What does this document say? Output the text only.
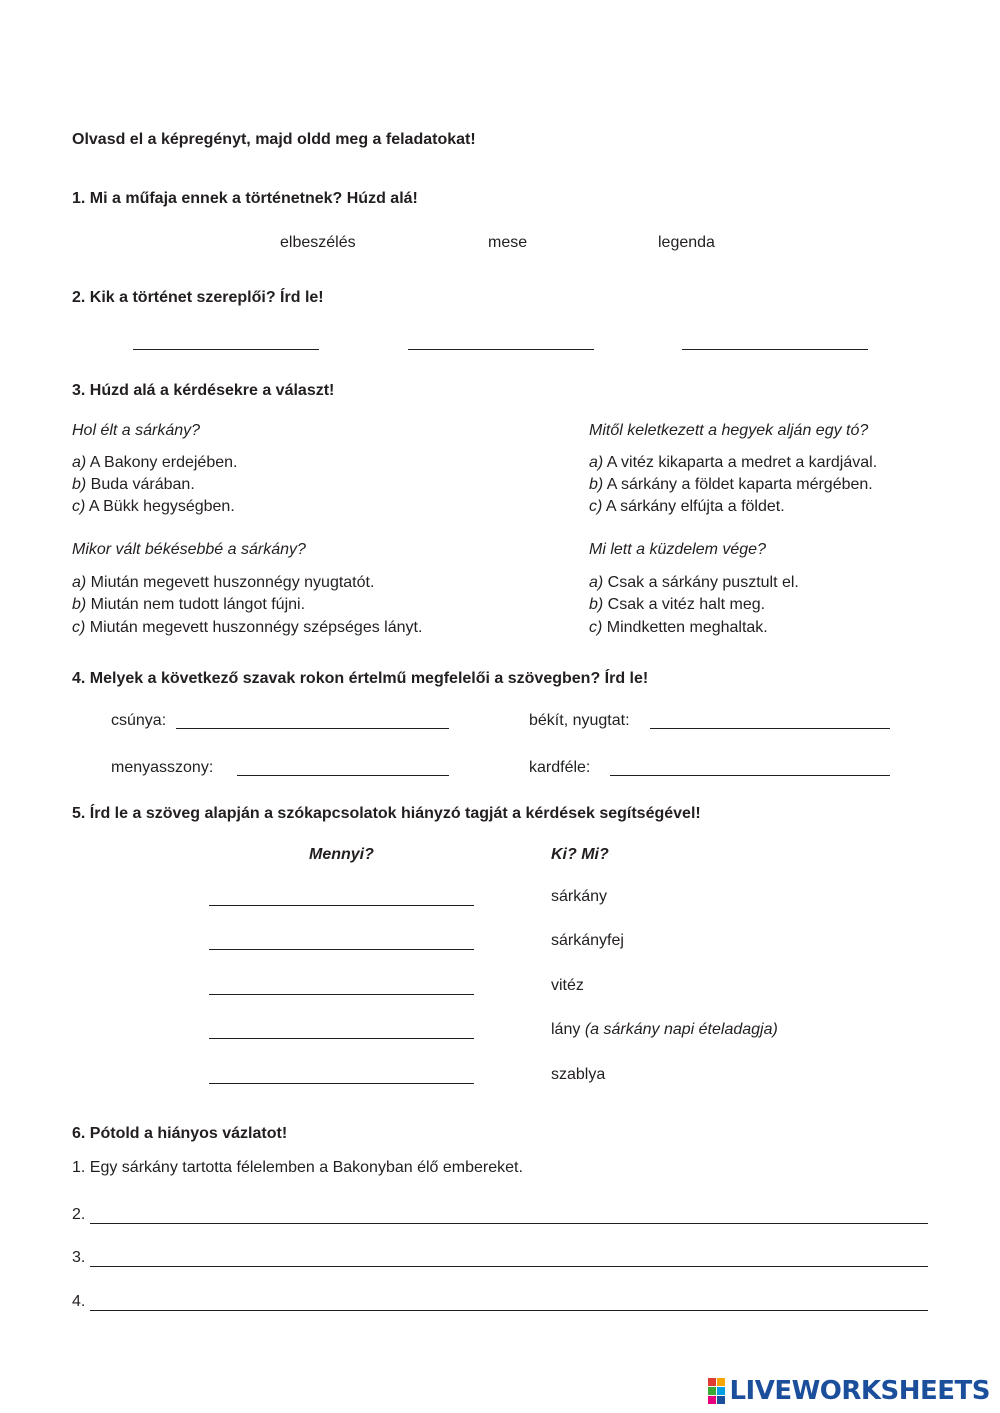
Olvasd el a képregényt, majd oldd meg a feladatokat!
1. Mi a műfaja ennek a történetnek? Húzd alá!
elbeszélés	mese	legenda
2. Kik a történet szereplői? Írd le!
3. Húzd alá a kérdésekre a választ!
Hol élt a sárkány?
a) A Bakony erdejében.
b) Buda várában.
c) A Bükk hegységben.
Mitől keletkezett a hegyek alján egy tó?
a) A vitéz kikaparta a medret a kardjával.
b) A sárkány a földet kaparta mérgében.
c) A sárkány elfújta a földet.
Mikor vált békésebbé a sárkány?
a) Miután megevett huszonnégy nyugtatót.
b) Miután nem tudott lángot fújni.
c) Miután megevett huszonnégy szépséges lányt.
Mi lett a küzdelem vége?
a) Csak a sárkány pusztult el.
b) Csak a vitéz halt meg.
c) Mindketten meghaltak.
4. Melyek a következő szavak rokon értelmű megfelelői a szövegben? Írd le!
csúnya:	békít, nyugtat:
menyasszony:	kardféle:
5. Írd le a szöveg alapján a szókapcsolatok hiányzó tagját a kérdések segítségével!
Mennyi?	Ki? Mi?
sárkány
sárkányfej
vitéz
lány (a sárkány napi ételadagja)
szablya
6. Pótold a hiányos vázlatot!
1. Egy sárkány tartotta félelemben a Bakonyban élő embereket.
2.
3.
4.
LIVEWORKSHEETS
